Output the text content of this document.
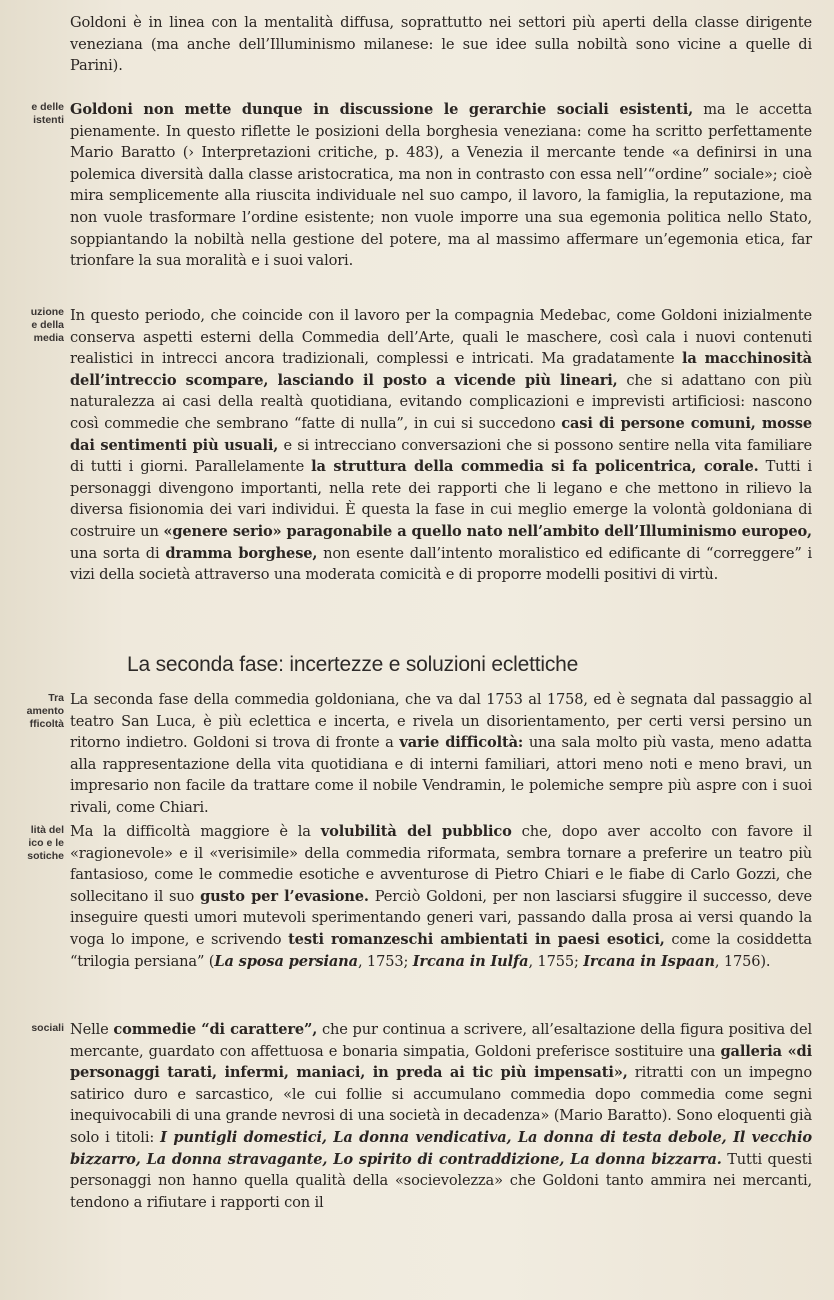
e delle
istenti
uzione
e della
media
Tra
amento
fficoltà
lità del
ico e le
sotiche
sociali

Goldoni è in linea con la mentalità diffusa, soprattutto nei settori più aperti della classe dirigente veneziana (ma anche dell’Illuminismo milanese: le sue idee sulla nobiltà sono vicine a quelle di Parini).

Goldoni non mette dunque in discussione le gerarchie sociali esistenti, ma le accetta pienamente. In questo riflette le posizioni della borghesia veneziana: come ha scritto perfettamente Mario Baratto (› Interpretazioni critiche, p. 483), a Venezia il mercante tende «a definirsi in una polemica diversità dalla classe aristocratica, ma non in contrasto con essa nell’“ordine” sociale»; cioè mira semplicemente alla riuscita individuale nel suo campo, il lavoro, la famiglia, la reputazione, ma non vuole trasformare l’ordine esistente; non vuole imporre una sua egemonia politica nello Stato, soppiantando la nobiltà nella gestione del potere, ma al massimo affermare un’egemonia etica, far trionfare la sua moralità e i suoi valori.

In questo periodo, che coincide con il lavoro per la compagnia Medebac, come Goldoni inizialmente conserva aspetti esterni della Commedia dell’Arte, quali le maschere, così cala i nuovi contenuti realistici in intrecci ancora tradizionali, complessi e intricati. Ma gradatamente la macchinosità dell’intreccio scompare, lasciando il posto a vicende più lineari, che si adattano con più naturalezza ai casi della realtà quotidiana, evitando complicazioni e imprevisti artificiosi: nascono così commedie che sembrano “fatte di nulla”, in cui si succedono casi di persone comuni, mosse dai sentimenti più usuali, e si intrecciano conversazioni che si possono sentire nella vita familiare di tutti i giorni. Parallelamente la struttura della commedia si fa policentrica, corale. Tutti i personaggi divengono importanti, nella rete dei rapporti che li legano e che mettono in rilievo la diversa fisionomia dei vari individui. È questa la fase in cui meglio emerge la volontà goldoniana di costruire un «genere serio» paragonabile a quello nato nell’ambito dell’Illuminismo europeo, una sorta di dramma borghese, non esente dall’intento moralistico ed edificante di “correggere” i vizi della società attraverso una moderata comicità e di proporre modelli positivi di virtù.

La seconda fase: incertezze e soluzioni eclettiche

La seconda fase della commedia goldoniana, che va dal 1753 al 1758, ed è segnata dal passaggio al teatro San Luca, è più eclettica e incerta, e rivela un disorientamento, per certi versi persino un ritorno indietro. Goldoni si trova di fronte a varie difficoltà: una sala molto più vasta, meno adatta alla rappresentazione della vita quotidiana e di interni familiari, attori meno noti e meno bravi, un impresario non facile da trattare come il nobile Vendramin, le polemiche sempre più aspre con i suoi rivali, come Chiari.

Ma la difficoltà maggiore è la volubilità del pubblico che, dopo aver accolto con favore il «ragionevole» e il «verisimile» della commedia riformata, sembra tornare a preferire un teatro più fantasioso, come le commedie esotiche e avventurose di Pietro Chiari e le fiabe di Carlo Gozzi, che sollecitano il suo gusto per l’evasione. Perciò Goldoni, per non lasciarsi sfuggire il successo, deve inseguire questi umori mutevoli sperimentando generi vari, passando dalla prosa ai versi quando la voga lo impone, e scrivendo testi romanzeschi ambientati in paesi esotici, come la cosiddetta “trilogia persiana” (La sposa persiana, 1753; Ircana in Iulfa, 1755; Ircana in Ispaan, 1756).

Nelle commedie “di carattere”, che pur continua a scrivere, all’esaltazione della figura positiva del mercante, guardato con affettuosa e bonaria simpatia, Goldoni preferisce sostituire una galleria «di personaggi tarati, infermi, maniaci, in preda ai tic più impensati», ritratti con un impegno satirico duro e sarcastico, «le cui follie si accumulano commedia dopo commedia come segni inequivocabili di una grande nevrosi di una società in decadenza» (Mario Baratto). Sono eloquenti già solo i titoli: I puntigli domestici, La donna vendicativa, La donna di testa debole, Il vecchio bizzarro, La donna stravagante, Lo spirito di contraddizione, La donna bizzarra. Tutti questi personaggi non hanno quella qualità della «socievolezza» che Goldoni tanto ammira nei mercanti, tendono a rifiutare i rapporti con il
